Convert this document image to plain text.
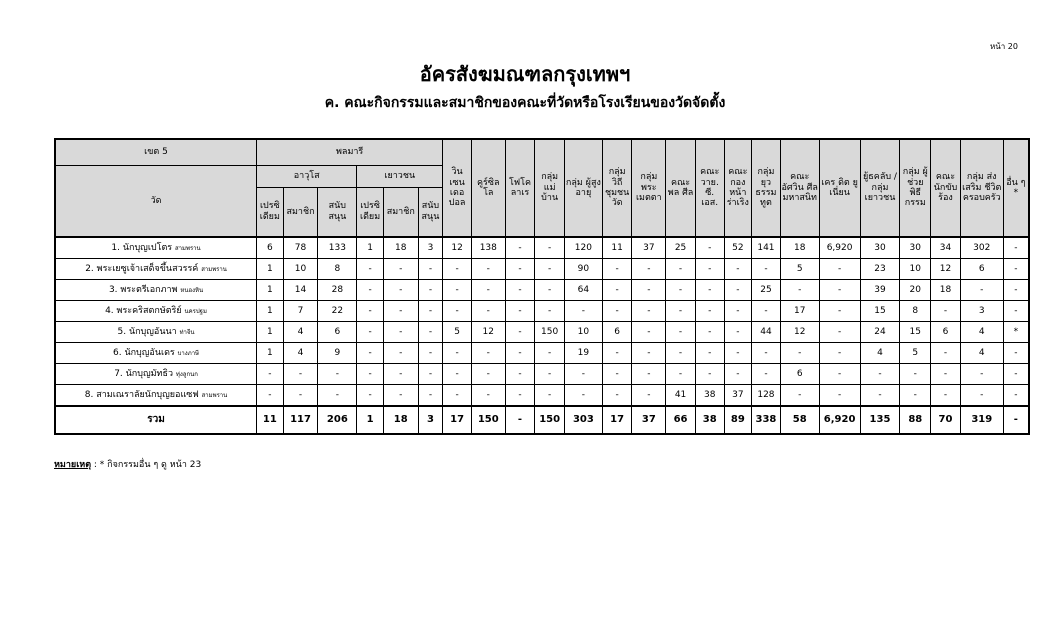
หน้า 20
อัครสังฆมณฑลกรุงเทพฯ
ค. คณะกิจกรรมและสมาชิกของคณะที่วัดหรือโรงเรียนของวัดจัดตั้ง
เขต 5	พลมารี						วิน เซน เดอ ปอล	คูร์ซิล โล	โฟโค ลาเร	กลุ่ม แม่ บ้าน	กลุ่ม ผู้สูง อายุ	กลุ่ม วิถี ชุมชน วัด	กลุ่ม พระ เมตตา	คณะ พล ศีล	คณะ วาย. ซี. เอส.	คณะ กอง หน้า ร่าเริง	กลุ่ม ยุว ธรรม ทูต	คณะ อัศวิน ศีล มหาสนิท	เคร ดิต ยู เนี่ยน	ยู้ธคลับ /กลุ่ม เยาวชน	กลุ่ม ผู้ช่วย พิธี กรรม	คณะ นักขับ ร้อง	กลุ่ม ส่งเสริม ชีวิต ครอบครัว	อื่น ๆ *
วัด	อาวุโส			เยาวชน																				
	เปรซิ เดียม	สมาชิก	สนับ สนุน	เปรซิ เดียม	สมาชิก	สนับ สนุน																		
1. นักบุญเปโตร สามพราน	6	78	133	1	18	3	12	138	-	-	120	11	37	25	-	52	141	18	6,920	30	30	34	302	-
2. พระเยซูเจ้าเสด็จขึ้นสวรรค์ สามพราน	1	10	8	-	-	-	-	-	-	-	90	-	-	-	-	-	-	5	-	23	10	12	6	-
3. พระตรีเอกภาพ หนองหิน	1	14	28	-	-	-	-	-	-	-	64	-	-	-	-	-	25	-	-	39	20	18	-	-
4. พระคริสตกษัตริย์ นครปฐม	1	7	22	-	-	-	-	-	-	-	-	-	-	-	-	-	-	17	-	15	8	-	3	-
5. นักบุญอันนา ท่าจีน	1	4	6	-	-	-	5	12	-	150	10	6	-	-	-	-	44	12	-	24	15	6	4	*
6. นักบุญอันเดร บางภาษี	1	4	9	-	-	-	-	-	-	-	19	-	-	-	-	-	-	-	-	4	5	-	4	-
7. นักบุญมัทธิว ทุ่งลูกนก	-	-	-	-	-	-	-	-	-	-	-	-	-	-	-	-	-	6	-	-	-	-	-	-
8. สามเณราลัยนักบุญยอแซฟ สามพราน	-	-	-	-	-	-	-	-	-	-	-	-	-	41	38	37	128	-	-	-	-	-	-	-
รวม	11	117	206	1	18	3	17	150	-	150	303	17	37	66	38	89	338	58	6,920	135	88	70	319	-
หมายเหตุ : * กิจกรรมอื่น ๆ ดู หน้า 23
